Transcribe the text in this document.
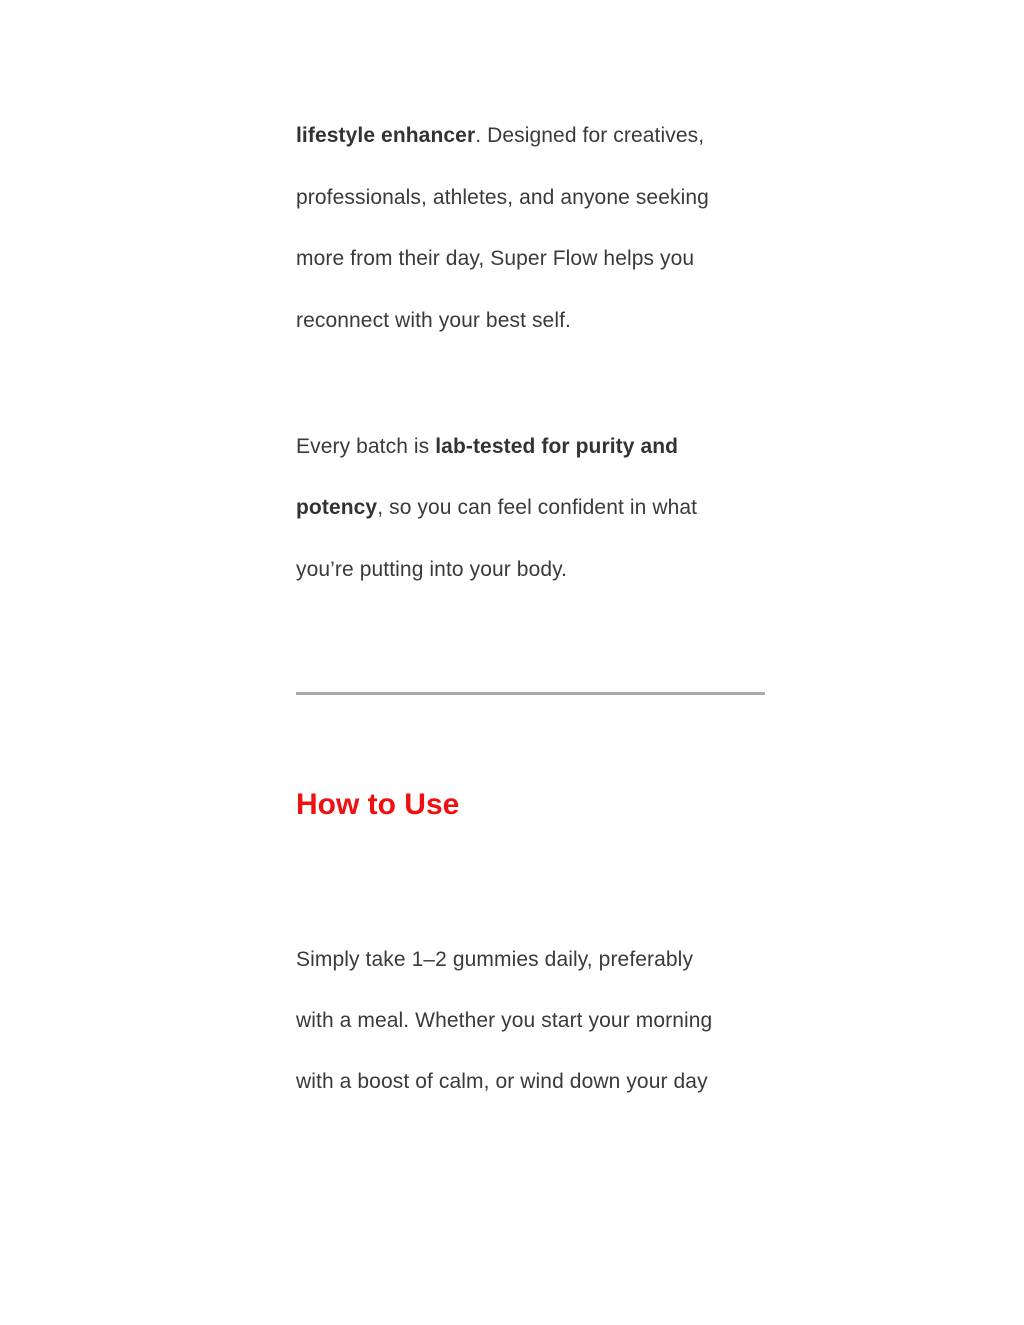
lifestyle enhancer. Designed for creatives,
professionals, athletes, and anyone seeking
more from their day, Super Flow helps you
reconnect with your best self.
Every batch is lab-tested for purity and
potency, so you can feel confident in what
you’re putting into your body.
How to Use
Simply take 1–2 gummies daily, preferably
with a meal. Whether you start your morning
with a boost of calm, or wind down your day
